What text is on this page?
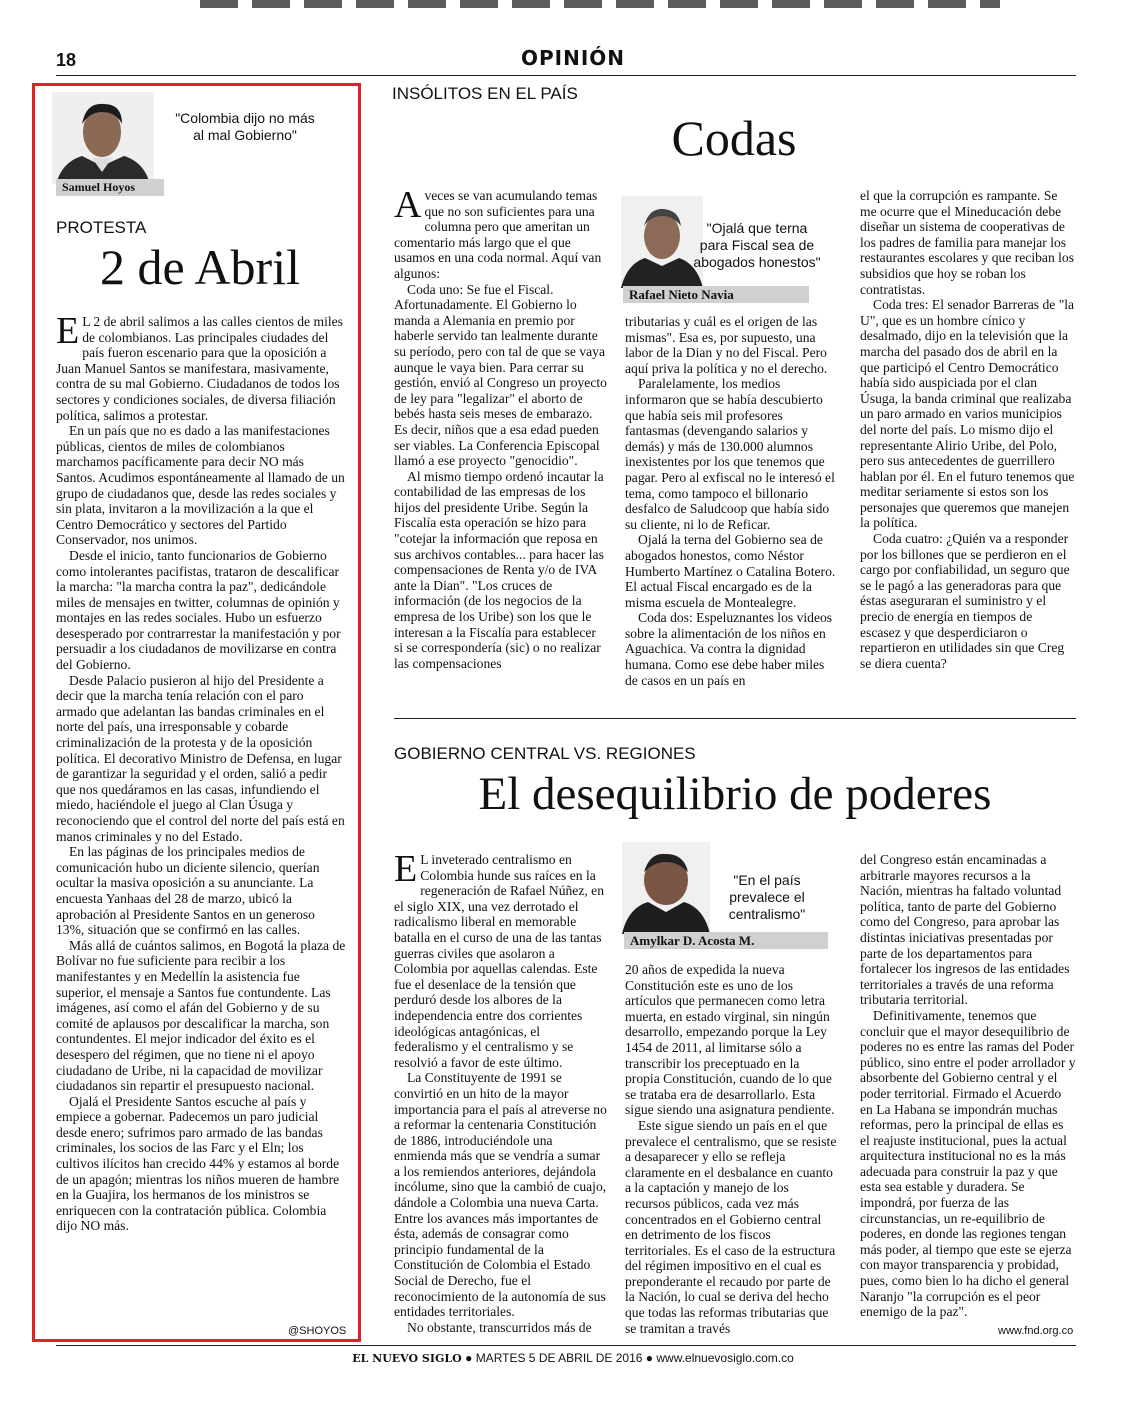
18	OPINIÓN
Samuel Hoyos
"Colombia dijo no más al mal Gobierno"
PROTESTA
2 de Abril

E L 2 de abril salimos a las calles cientos de miles de colombianos. Las principales ciudades del país fueron escenario para que la oposición a Juan Manuel Santos se manifestara, masivamente, contra de su mal Gobierno. Ciudadanos de todos los sectores y condiciones sociales, de diversa filiación política, salimos a protestar.

En un país que no es dado a las manifestaciones públicas, cientos de miles de colombianos marchamos pacíficamente para decir NO más Santos. Acudimos espontáneamente al llamado de un grupo de ciudadanos que, desde las redes sociales y sin plata, invitaron a la movilización a la que el Centro Democrático y sectores del Partido Conservador, nos unimos.

Desde el inicio, tanto funcionarios de Gobierno como intolerantes pacifistas, trataron de descalificar la marcha: "la marcha contra la paz", dedicándole miles de mensajes en twitter, columnas de opinión y montajes en las redes sociales. Hubo un esfuerzo desesperado por contrarrestar la manifestación y por persuadir a los ciudadanos de movilizarse en contra del Gobierno.

Desde Palacio pusieron al hijo del Presidente a decir que la marcha tenía relación con el paro armado que adelantan las bandas criminales en el norte del país, una irresponsable y cobarde criminalización de la protesta y de la oposición política. El decorativo Ministro de Defensa, en lugar de garantizar la seguridad y el orden, salió a pedir que nos quedáramos en las casas, infundiendo el miedo, haciéndole el juego al Clan Úsuga y reconociendo que el control del norte del país está en manos criminales y no del Estado.

En las páginas de los principales medios de comunicación hubo un diciente silencio, querían ocultar la masiva oposición a su anunciante. La encuesta Yanhaas del 28 de marzo, ubicó la aprobación al Presidente Santos en un generoso 13%, situación que se confirmó en las calles.

Más allá de cuántos salimos, en Bogotá la plaza de Bolívar no fue suficiente para recibir a los manifestantes y en Medellín la asistencia fue superior, el mensaje a Santos fue contundente. Las imágenes, así como el afán del Gobierno y de su comité de aplausos por descalificar la marcha, son contundentes. El mejor indicador del éxito es el desespero del régimen, que no tiene ni el apoyo ciudadano de Uribe, ni la capacidad de movilizar ciudadanos sin repartir el presupuesto nacional.

Ojalá el Presidente Santos escuche al país y empiece a gobernar. Padecemos un paro judicial desde enero; sufrimos paro armado de las bandas criminales, los socios de las Farc y el Eln; los cultivos ilícitos han crecido 44% y estamos al borde de un apagón; mientras los niños mueren de hambre en la Guajira, los hermanos de los ministros se enriquecen con la contratación pública. Colombia dijo NO más.

@SHOYOS
INSÓLITOS EN EL PAÍS
Codas

Aveces se van acumulando temas que no son suficientes para una columna pero que ameritan un comentario más largo que el que usamos en una coda normal. Aquí van algunos:

Coda uno: Se fue el Fiscal. Afortunadamente. El Gobierno lo manda a Alemania en premio por haberle servido tan lealmente durante su período, pero con tal de que se vaya aunque le vaya bien. Para cerrar su gestión, envió al Congreso un proyecto de ley para "legalizar" el aborto de bebés hasta seis meses de embarazo. Es decir, niños que a esa edad pueden ser viables. La Conferencia Episcopal llamó a ese proyecto "genocidio".

Al mismo tiempo ordenó incautar la contabilidad de las empresas de los hijos del presidente Uribe. Según la Fiscalía esta operación se hizo para "cotejar la información que reposa en sus archivos contables... para hacer las compensaciones de Renta y/o de IVA ante la Dian". "Los cruces de información (de los negocios de la empresa de los Uribe) son los que le interesan a la Fiscalía para establecer si se correspondería (sic) o no realizar las compensaciones

Rafael Nieto Navia
"Ojalá que terna para Fiscal sea de abogados honestos"

tributarias y cuál es el origen de las mismas". Esa es, por supuesto, una labor de la Dian y no del Fiscal. Pero aquí priva la política y no el derecho.

Paralelamente, los medios informaron que se había descubierto que había seis mil profesores fantasmas (devengando salarios y demás) y más de 130.000 alumnos inexistentes por los que tenemos que pagar. Pero al exfiscal no le interesó el tema, como tampoco el billonario desfalco de Saludcoop que había sido su cliente, ni lo de Reficar.

Ojalá la terna del Gobierno sea de abogados honestos, como Néstor Humberto Martínez o Catalina Botero. El actual Fiscal encargado es de la misma escuela de Montealegre.

Coda dos: Espeluznantes los videos sobre la alimentación de los niños en Aguachica. Va contra la dignidad humana. Como ese debe haber miles de casos en un país en

el que la corrupción es rampante. Se me ocurre que el Mineducación debe diseñar un sistema de cooperativas de los padres de familia para manejar los restaurantes escolares y que reciban los subsidios que hoy se roban los contratistas.

Coda tres: El senador Barreras de "la U", que es un hombre cínico y desalmado, dijo en la televisión que la marcha del pasado dos de abril en la que participó el Centro Democrático había sido auspiciada por el clan Úsuga, la banda criminal que realizaba un paro armado en varios municipios del norte del país. Lo mismo dijo el representante Alirio Uribe, del Polo, pero sus antecedentes de guerrillero hablan por él. En el futuro tenemos que meditar seriamente si estos son los personajes que queremos que manejen la política.

Coda cuatro: ¿Quién va a responder por los billones que se perdieron en el cargo por confiabilidad, un seguro que se le pagó a las generadoras para que éstas aseguraran el suministro y el precio de energía en tiempos de escasez y que desperdiciaron o repartieron en utilidades sin que Creg se diera cuenta?

GOBIERNO CENTRAL VS. REGIONES
El desequilibrio de poderes

E L inveterado centralismo en Colombia hunde sus raíces en la regeneración de Rafael Núñez, en el siglo XIX, una vez derrotado el radicalismo liberal en memorable batalla en el curso de una de las tantas guerras civiles que asolaron a Colombia por aquellas calendas. Este fue el desenlace de la tensión que perduró desde los albores de la independencia entre dos corrientes ideológicas antagónicas, el federalismo y el centralismo y se resolvió a favor de este último.

La Constituyente de 1991 se convirtió en un hito de la mayor importancia para el país al atreverse no a reformar la centenaria Constitución de 1886, introduciéndole una enmienda más que se vendría a sumar a los remiendos anteriores, dejándola incólume, sino que la cambió de cuajo, dándole a Colombia una nueva Carta. Entre los avances más importantes de ésta, además de consagrar como principio fundamental de la Constitución de Colombia el Estado Social de Derecho, fue el reconocimiento de la autonomía de sus entidades territoriales.

No obstante, transcurridos más de

Amylkar D. Acosta M.
"En el país prevalece el centralismo"

20 años de expedida la nueva Constitución este es uno de los artículos que permanecen como letra muerta, en estado virginal, sin ningún desarrollo, empezando porque la Ley 1454 de 2011, al limitarse sólo a transcribir los preceptuado en la propia Constitución, cuando de lo que se trataba era de desarrollarlo. Esta sigue siendo una asignatura pendiente.

Este sigue siendo un país en el que prevalece el centralismo, que se resiste a desaparecer y ello se refleja claramente en el desbalance en cuanto a la captación y manejo de los recursos públicos, cada vez más concentrados en el Gobierno central en detrimento de los fiscos territoriales. Es el caso de la estructura del régimen impositivo en el cual es preponderante el recaudo por parte de la Nación, lo cual se deriva del hecho que todas las reformas tributarias que se tramitan a través

del Congreso están encaminadas a arbitrarle mayores recursos a la Nación, mientras ha faltado voluntad política, tanto de parte del Gobierno como del Congreso, para aprobar las distintas iniciativas presentadas por parte de los departamentos para fortalecer los ingresos de las entidades territoriales a través de una reforma tributaria territorial.

Definitivamente, tenemos que concluir que el mayor desequilibrio de poderes no es entre las ramas del Poder público, sino entre el poder arrollador y absorbente del Gobierno central y el poder territorial. Firmado el Acuerdo en La Habana se impondrán muchas reformas, pero la principal de ellas es el reajuste institucional, pues la actual arquitectura institucional no es la más adecuada para construir la paz y que esta sea estable y duradera. Se impondrá, por fuerza de las circunstancias, un re-equilibrio de poderes, en donde las regiones tengan más poder, al tiempo que este se ejerza con mayor transparencia y probidad, pues, como bien lo ha dicho el general Naranjo "la corrupción es el peor enemigo de la paz".

www.fnd.org.co
EL NUEVO SIGLO ● MARTES 5 DE ABRIL DE 2016 ● www.elnuevosiglo.com.co
